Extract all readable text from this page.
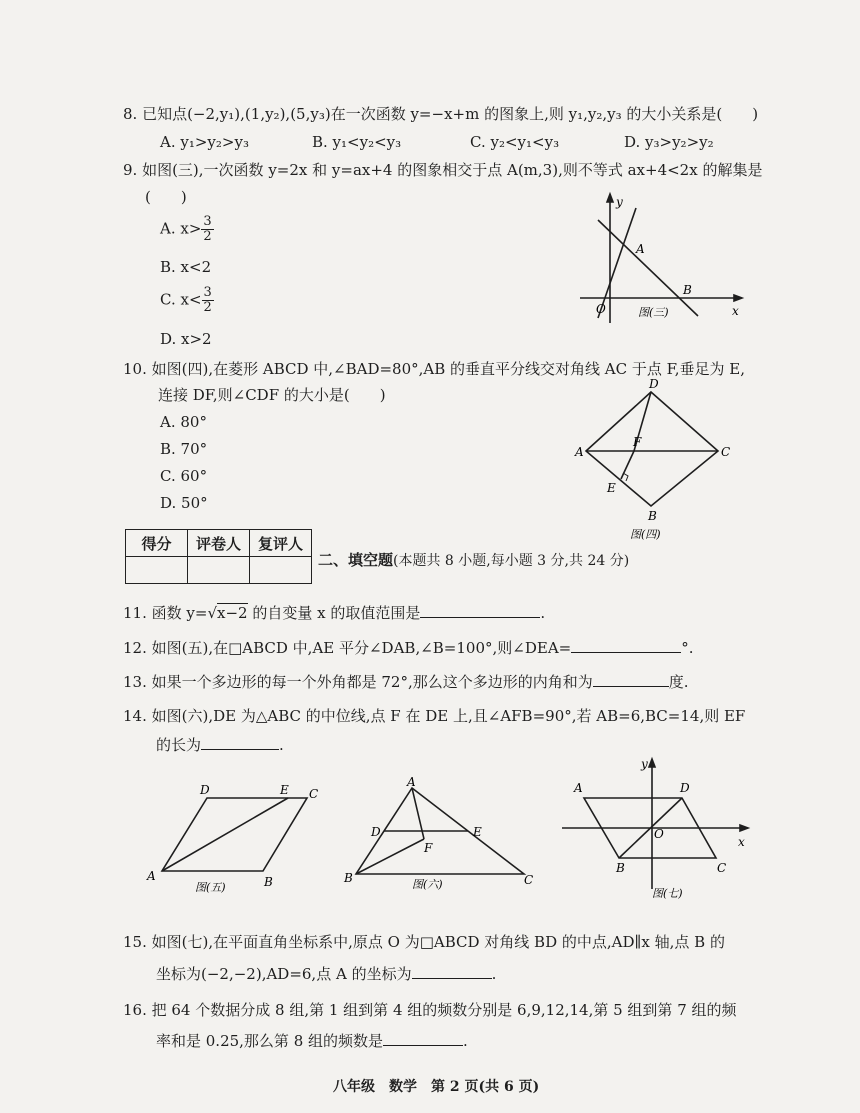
8. 已知点(−2,y₁),(1,y₂),(5,y₃)在一次函数 y=−x+m 的图象上,则 y₁,y₂,y₃ 的大小关系是(　　)
A. y₁>y₂>y₃	B. y₁<y₂<y₃	C. y₂<y₁<y₃	D. y₃>y₂>y₂
9. 如图(三),一次函数 y=2x 和 y=ax+4 的图象相交于点 A(m,3),则不等式 ax+4<2x 的解集是
(　　)
A. $x> \frac{3}{2}$
B. x<2
C. $x< \frac{3}{2}$
D. x>2
y
x
O
A
B
图(三)
10. 如图(四),在菱形 ABCD 中,∠BAD=80°,AB 的垂直平分线交对角线 AC 于点 F,垂足为 E,
连接 DF,则∠CDF 的大小是(　　)
A. 80°
B. 70°
C. 60°
D. 50°
D
A	C
B
F
E
图(四)
得分	评卷人	复评人

二、填空题(本题共 8 小题,每小题 3 分,共 24 分)
11. 函数 y=√x−2 的自变量 x 的取值范围是	.
12. 如图(五),在□ABCD 中,AE 平分∠DAB,∠B=100°,则∠DEA=	°.
13. 如果一个多边形的每一个外角都是 72°,那么这个多边形的内角和为	度.
14. 如图(六),DE 为△ABC 的中位线,点 F 在 DE 上,且∠AFB=90°,若 AB=6,BC=14,则 EF
的长为	.
D	E C
A	B
图(五)
A
D	E
F
B	C
图(六)
y
x
A	D
O
B	C
图(七)
15. 如图(七),在平面直角坐标系中,原点 O 为□ABCD 对角线 BD 的中点,AD∥x 轴,点 B 的
坐标为(−2,−2),AD=6,点 A 的坐标为	.
16. 把 64 个数据分成 8 组,第 1 组到第 4 组的频数分别是 6,9,12,14,第 5 组到第 7 组的频
率和是 0.25,那么第 8 组的频数是	.
八年级　数学　第 2 页(共 6 页)
